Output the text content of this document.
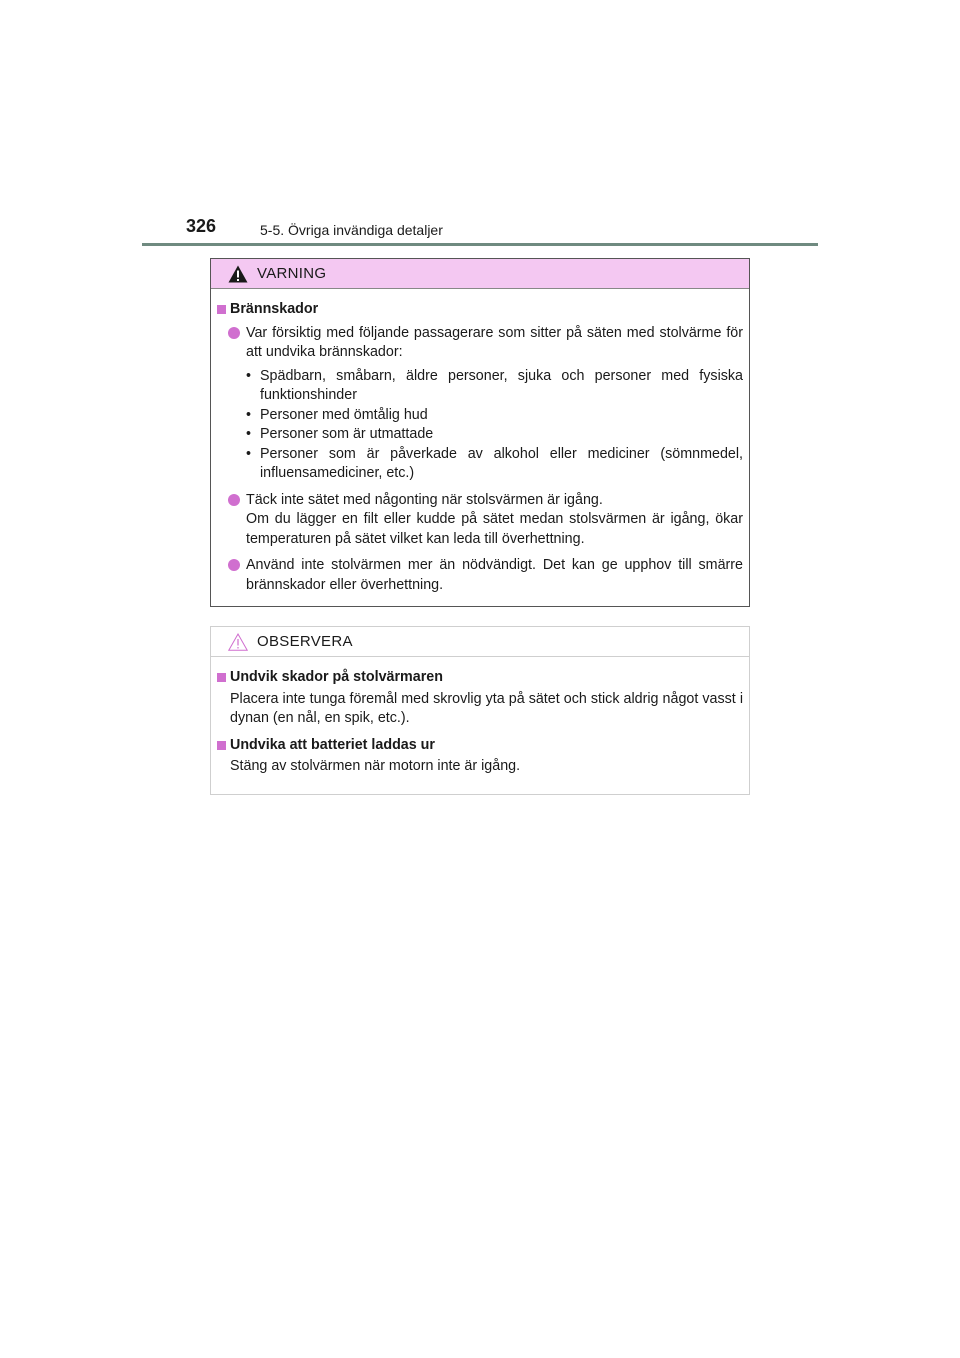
326	5-5. Övriga invändiga detaljer
VARNING
Brännskador
Var försiktig med följande passagerare som sitter på säten med stolvärme för att undvika brännskador:
• Spädbarn, småbarn, äldre personer, sjuka och personer med fysiska funktionshinder
• Personer med ömtålig hud
• Personer som är utmattade
• Personer som är påverkade av alkohol eller mediciner (sömnmedel, influensamediciner, etc.)
Täck inte sätet med någonting när stolsvärmen är igång.
Om du lägger en filt eller kudde på sätet medan stolsvärmen är igång, ökar temperaturen på sätet vilket kan leda till överhettning.
Använd inte stolvärmen mer än nödvändigt. Det kan ge upphov till smärre brännskador eller överhettning.
OBSERVERA
Undvik skador på stolvärmaren
Placera inte tunga föremål med skrovlig yta på sätet och stick aldrig något vasst i dynan (en nål, en spik, etc.).
Undvika att batteriet laddas ur
Stäng av stolvärmen när motorn inte är igång.
